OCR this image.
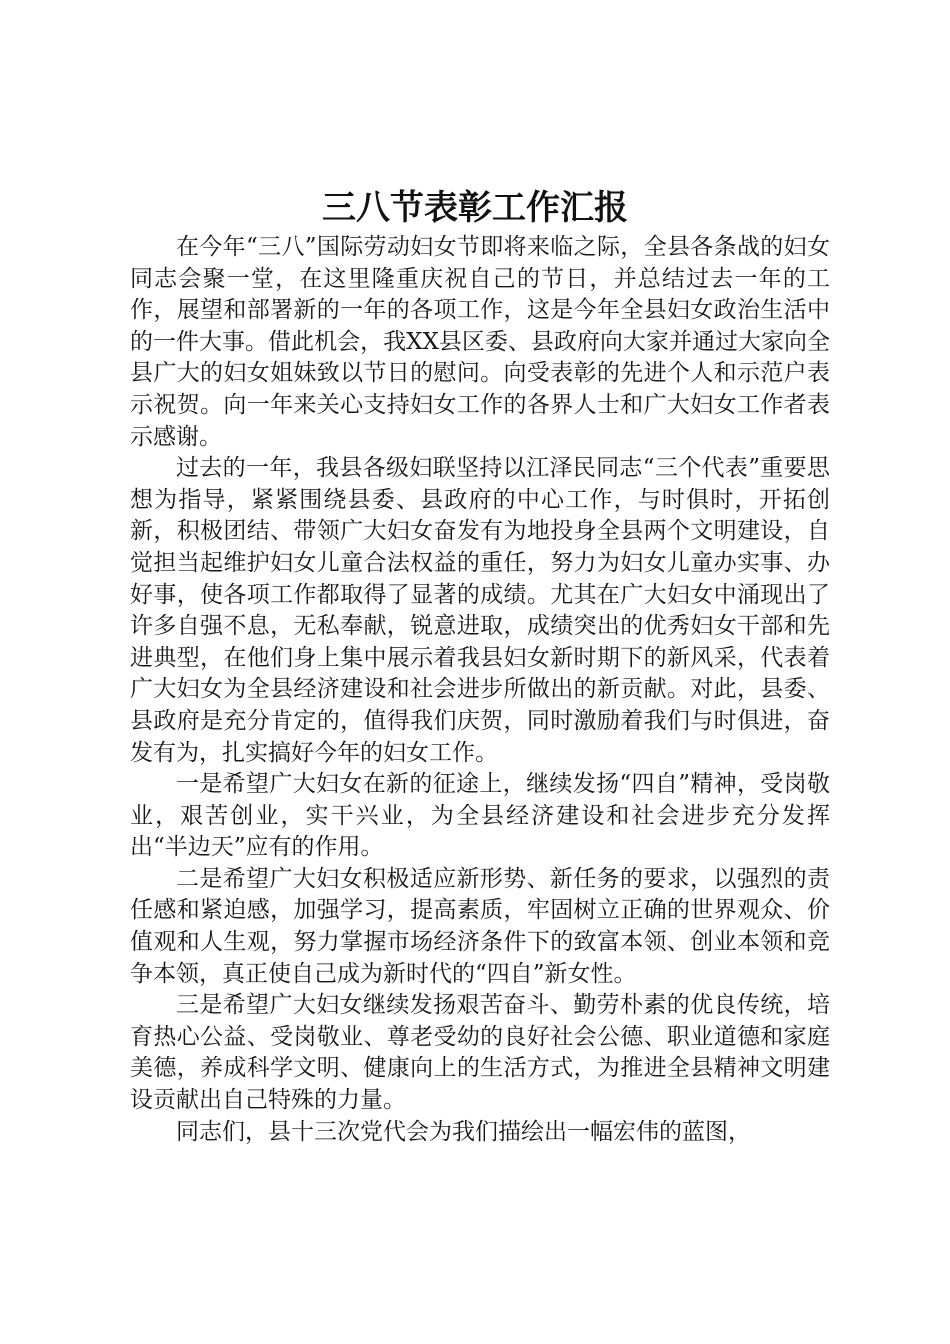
三八节表彰工作汇报

在今年“三八”国际劳动妇女节即将来临之际，全县各条战的妇女同志会聚一堂，在这里隆重庆祝自己的节日，并总结过去一年的工作，展望和部署新的一年的各项工作，这是今年全县妇女政治生活中的一件大事。借此机会，我XX县区委、县政府向大家并通过大家向全县广大的妇女姐妹致以节日的慰问。向受表彰的先进个人和示范户表示祝贺。向一年来关心支持妇女工作的各界人士和广大妇女工作者表示感谢。

过去的一年，我县各级妇联坚持以江泽民同志“三个代表”重要思想为指导，紧紧围绕县委、县政府的中心工作，与时俱时，开拓创新，积极团结、带领广大妇女奋发有为地投身全县两个文明建设，自觉担当起维护妇女儿童合法权益的重任，努力为妇女儿童办实事、办好事，使各项工作都取得了显著的成绩。尤其在广大妇女中涌现出了许多自强不息，无私奉献，锐意进取，成绩突出的优秀妇女干部和先进典型，在他们身上集中展示着我县妇女新时期下的新风采，代表着广大妇女为全县经济建设和社会进步所做出的新贡献。对此，县委、县政府是充分肯定的，值得我们庆贺，同时激励着我们与时俱进，奋发有为，扎实搞好今年的妇女工作。

一是希望广大妇女在新的征途上，继续发扬“四自”精神，受岗敬业，艰苦创业，实干兴业，为全县经济建设和社会进步充分发挥出“半边天”应有的作用。

二是希望广大妇女积极适应新形势、新任务的要求，以强烈的责任感和紧迫感，加强学习，提高素质，牢固树立正确的世界观众、价值观和人生观，努力掌握市场经济条件下的致富本领、创业本领和竞争本领，真正使自己成为新时代的“四自”新女性。

三是希望广大妇女继续发扬艰苦奋斗、勤劳朴素的优良传统，培育热心公益、受岗敬业、尊老受幼的良好社会公德、职业道德和家庭美德，养成科学文明、健康向上的生活方式，为推进全县精神文明建设贡献出自己特殊的力量。

同志们，县十三次党代会为我们描绘出一幅宏伟的蓝图，
